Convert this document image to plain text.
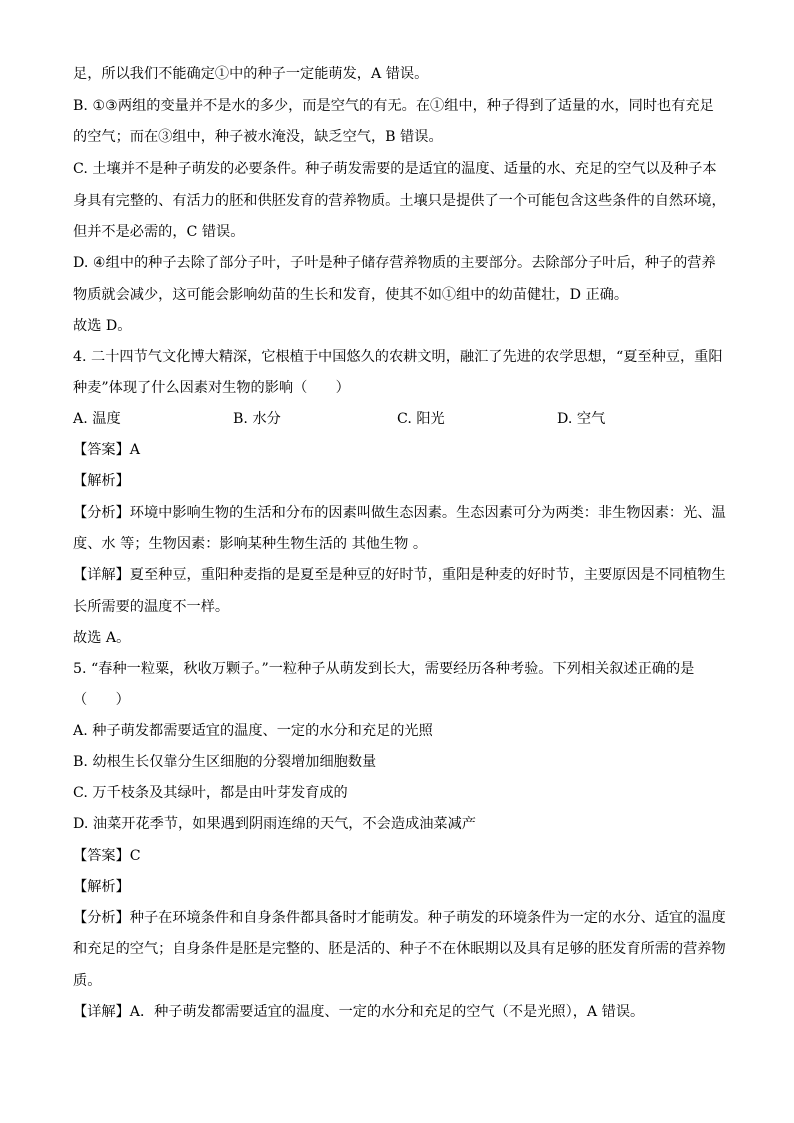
足，所以我们不能确定①中的种子一定能萌发，A 错误。
B. ①③两组的变量并不是水的多少，而是空气的有无。在①组中，种子得到了适量的水，同时也有充足
的空气；而在③组中，种子被水淹没，缺乏空气，B 错误。
C. 土壤并不是种子萌发的必要条件。种子萌发需要的是适宜的温度、适量的水、充足的空气以及种子本
身具有完整的、有活力的胚和供胚发育的营养物质。土壤只是提供了一个可能包含这些条件的自然环境，
但并不是必需的，C 错误。
D. ④组中的种子去除了部分子叶，子叶是种子储存营养物质的主要部分。去除部分子叶后，种子的营养
物质就会减少，这可能会影响幼苗的生长和发育，使其不如①组中的幼苗健壮，D 正确。
故选 D。
4. 二十四节气文化博大精深，它根植于中国悠久的农耕文明，融汇了先进的农学思想，“夏至种豆，重阳
种麦”体现了什么因素对生物的影响（　　）
A. 温度	B. 水分	C. 阳光	D. 空气
【答案】A
【解析】
【分析】环境中影响生物的生活和分布的因素叫做生态因素。生态因素可分为两类：非生物因素：光、温
度、水 等；生物因素：影响某种生物生活的 其他生物 。
【详解】夏至种豆，重阳种麦指的是夏至是种豆的好时节，重阳是种麦的好时节，主要原因是不同植物生
长所需要的温度不一样。
故选 A。
5. “春种一粒粟，秋收万颗子。”一粒种子从萌发到长大，需要经历各种考验。下列相关叙述正确的是
（　　）
A. 种子萌发都需要适宜的温度、一定的水分和充足的光照
B. 幼根生长仅靠分生区细胞的分裂增加细胞数量
C. 万千枝条及其绿叶，都是由叶芽发育成的
D. 油菜开花季节，如果遇到阴雨连绵的天气，不会造成油菜减产
【答案】C
【解析】
【分析】种子在环境条件和自身条件都具备时才能萌发。种子萌发的环境条件为一定的水分、适宜的温度
和充足的空气；自身条件是胚是完整的、胚是活的、种子不在休眠期以及具有足够的胚发育所需的营养物
质。
【详解】A．种子萌发都需要适宜的温度、一定的水分和充足的空气（不是光照），A 错误。
